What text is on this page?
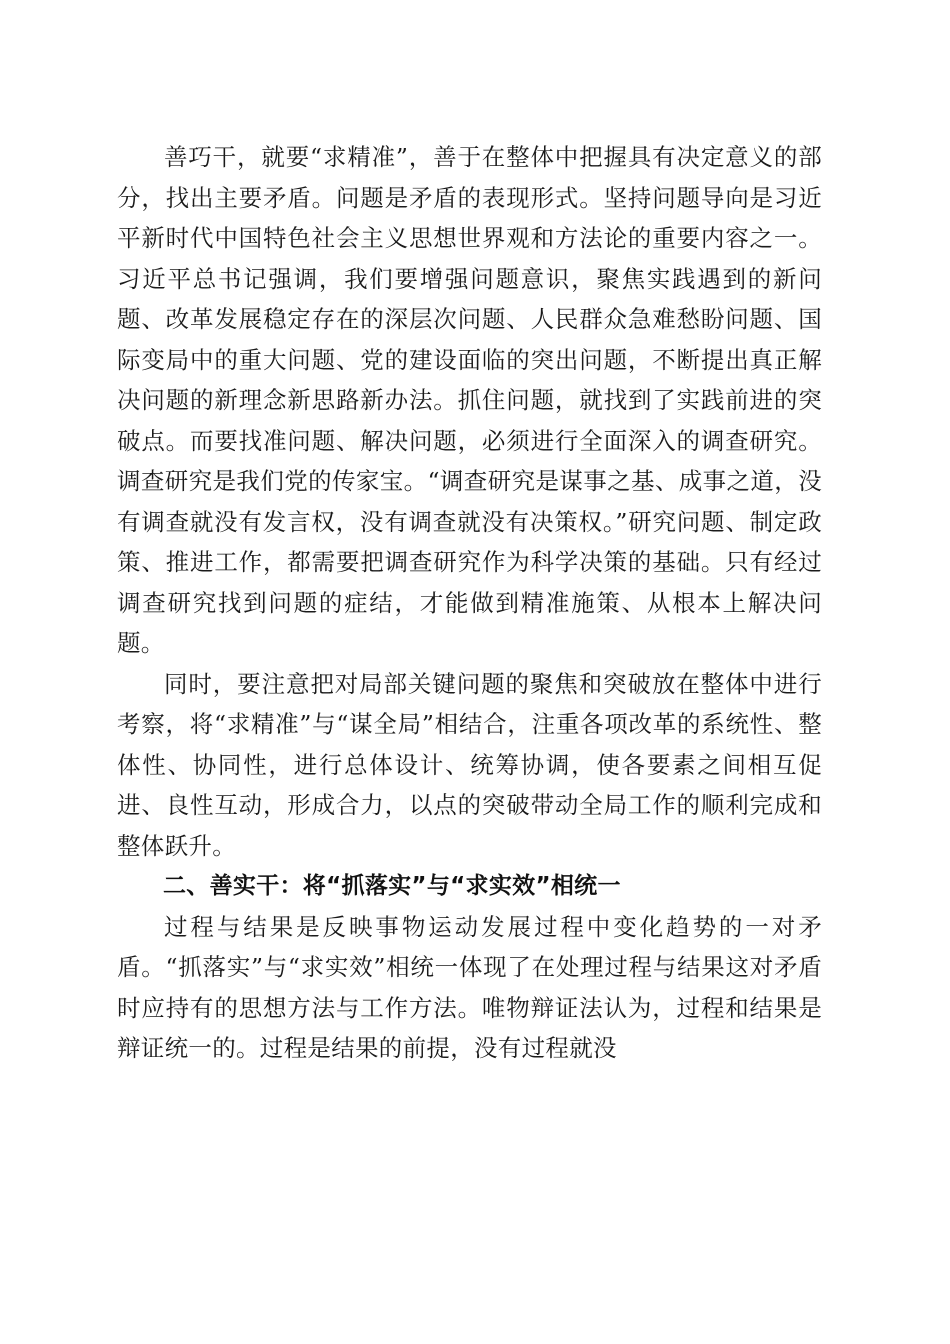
善巧干，就要“求精准”，善于在整体中把握具有决定意义的部分，找出主要矛盾。问题是矛盾的表现形式。坚持问题导向是习近平新时代中国特色社会主义思想世界观和方法论的重要内容之一。习近平总书记强调，我们要增强问题意识，聚焦实践遇到的新问题、改革发展稳定存在的深层次问题、人民群众急难愁盼问题、国际变局中的重大问题、党的建设面临的突出问题，不断提出真正解决问题的新理念新思路新办法。抓住问题，就找到了实践前进的突破点。而要找准问题、解决问题，必须进行全面深入的调查研究。调查研究是我们党的传家宝。“调查研究是谋事之基、成事之道，没有调查就没有发言权，没有调查就没有决策权。”研究问题、制定政策、推进工作，都需要把调查研究作为科学决策的基础。只有经过调查研究找到问题的症结，才能做到精准施策、从根本上解决问题。

同时，要注意把对局部关键问题的聚焦和突破放在整体中进行考察，将“求精准”与“谋全局”相结合，注重各项改革的系统性、整体性、协同性，进行总体设计、统筹协调，使各要素之间相互促进、良性互动，形成合力，以点的突破带动全局工作的顺利完成和整体跃升。

二、善实干：将“抓落实”与“求实效”相统一

过程与结果是反映事物运动发展过程中变化趋势的一对矛盾。“抓落实”与“求实效”相统一体现了在处理过程与结果这对矛盾时应持有的思想方法与工作方法。唯物辩证法认为，过程和结果是辩证统一的。过程是结果的前提，没有过程就没
